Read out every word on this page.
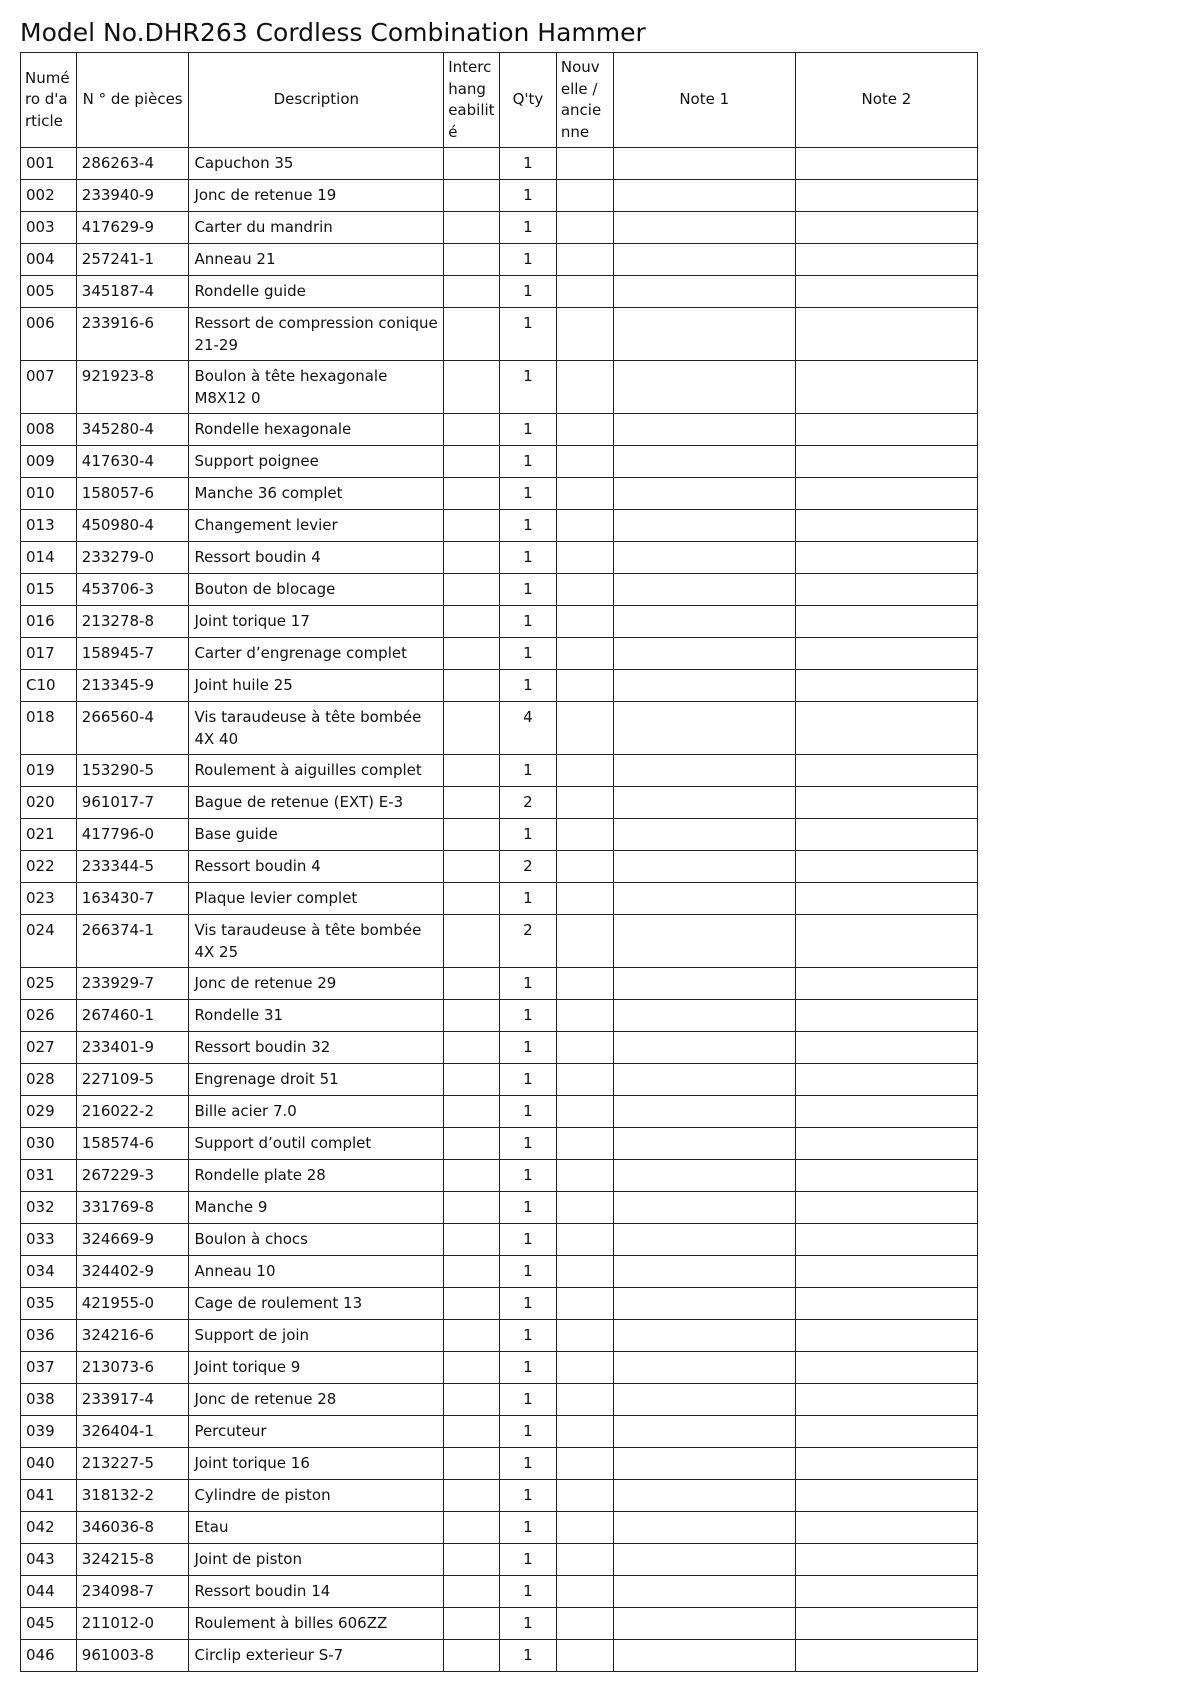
Model No.DHR263 Cordless Combination Hammer
Numé ro d'a rticle	N ° de pièces	Description	Interc hang eabilit é	Q'ty	Nouv elle / ancie nne	Note 1	Note 2
001	286263-4	Capuchon 35		1			
002	233940-9	Jonc de retenue 19		1			
003	417629-9	Carter du mandrin		1			
004	257241-1	Anneau 21		1			
005	345187-4	Rondelle guide		1			
006	233916-6	Ressort de compression conique 21-29		1			
007	921923-8	Boulon à tête hexagonale M8X12 0		1			
008	345280-4	Rondelle hexagonale		1			
009	417630-4	Support poignee		1			
010	158057-6	Manche 36 complet		1			
013	450980-4	Changement levier		1			
014	233279-0	Ressort boudin 4		1			
015	453706-3	Bouton de blocage		1			
016	213278-8	Joint torique 17		1			
017	158945-7	Carter d’engrenage complet		1			
C10	213345-9	Joint huile 25		1			
018	266560-4	Vis taraudeuse à tête bombée 4X 40		4			
019	153290-5	Roulement à aiguilles complet		1			
020	961017-7	Bague de retenue (EXT) E-3		2			
021	417796-0	Base guide		1			
022	233344-5	Ressort boudin 4		2			
023	163430-7	Plaque levier complet		1			
024	266374-1	Vis taraudeuse à tête bombée 4X 25		2			
025	233929-7	Jonc de retenue 29		1			
026	267460-1	Rondelle 31		1			
027	233401-9	Ressort boudin 32		1			
028	227109-5	Engrenage droit 51		1			
029	216022-2	Bille acier 7.0		1			
030	158574-6	Support d’outil complet		1			
031	267229-3	Rondelle plate 28		1			
032	331769-8	Manche 9		1			
033	324669-9	Boulon à chocs		1			
034	324402-9	Anneau 10		1			
035	421955-0	Cage de roulement 13		1			
036	324216-6	Support de join		1			
037	213073-6	Joint torique 9		1			
038	233917-4	Jonc de retenue 28		1			
039	326404-1	Percuteur		1			
040	213227-5	Joint torique 16		1			
041	318132-2	Cylindre de piston		1			
042	346036-8	Etau		1			
043	324215-8	Joint de piston		1			
044	234098-7	Ressort boudin 14		1			
045	211012-0	Roulement à billes 606ZZ		1			
046	961003-8	Circlip exterieur S-7		1			
